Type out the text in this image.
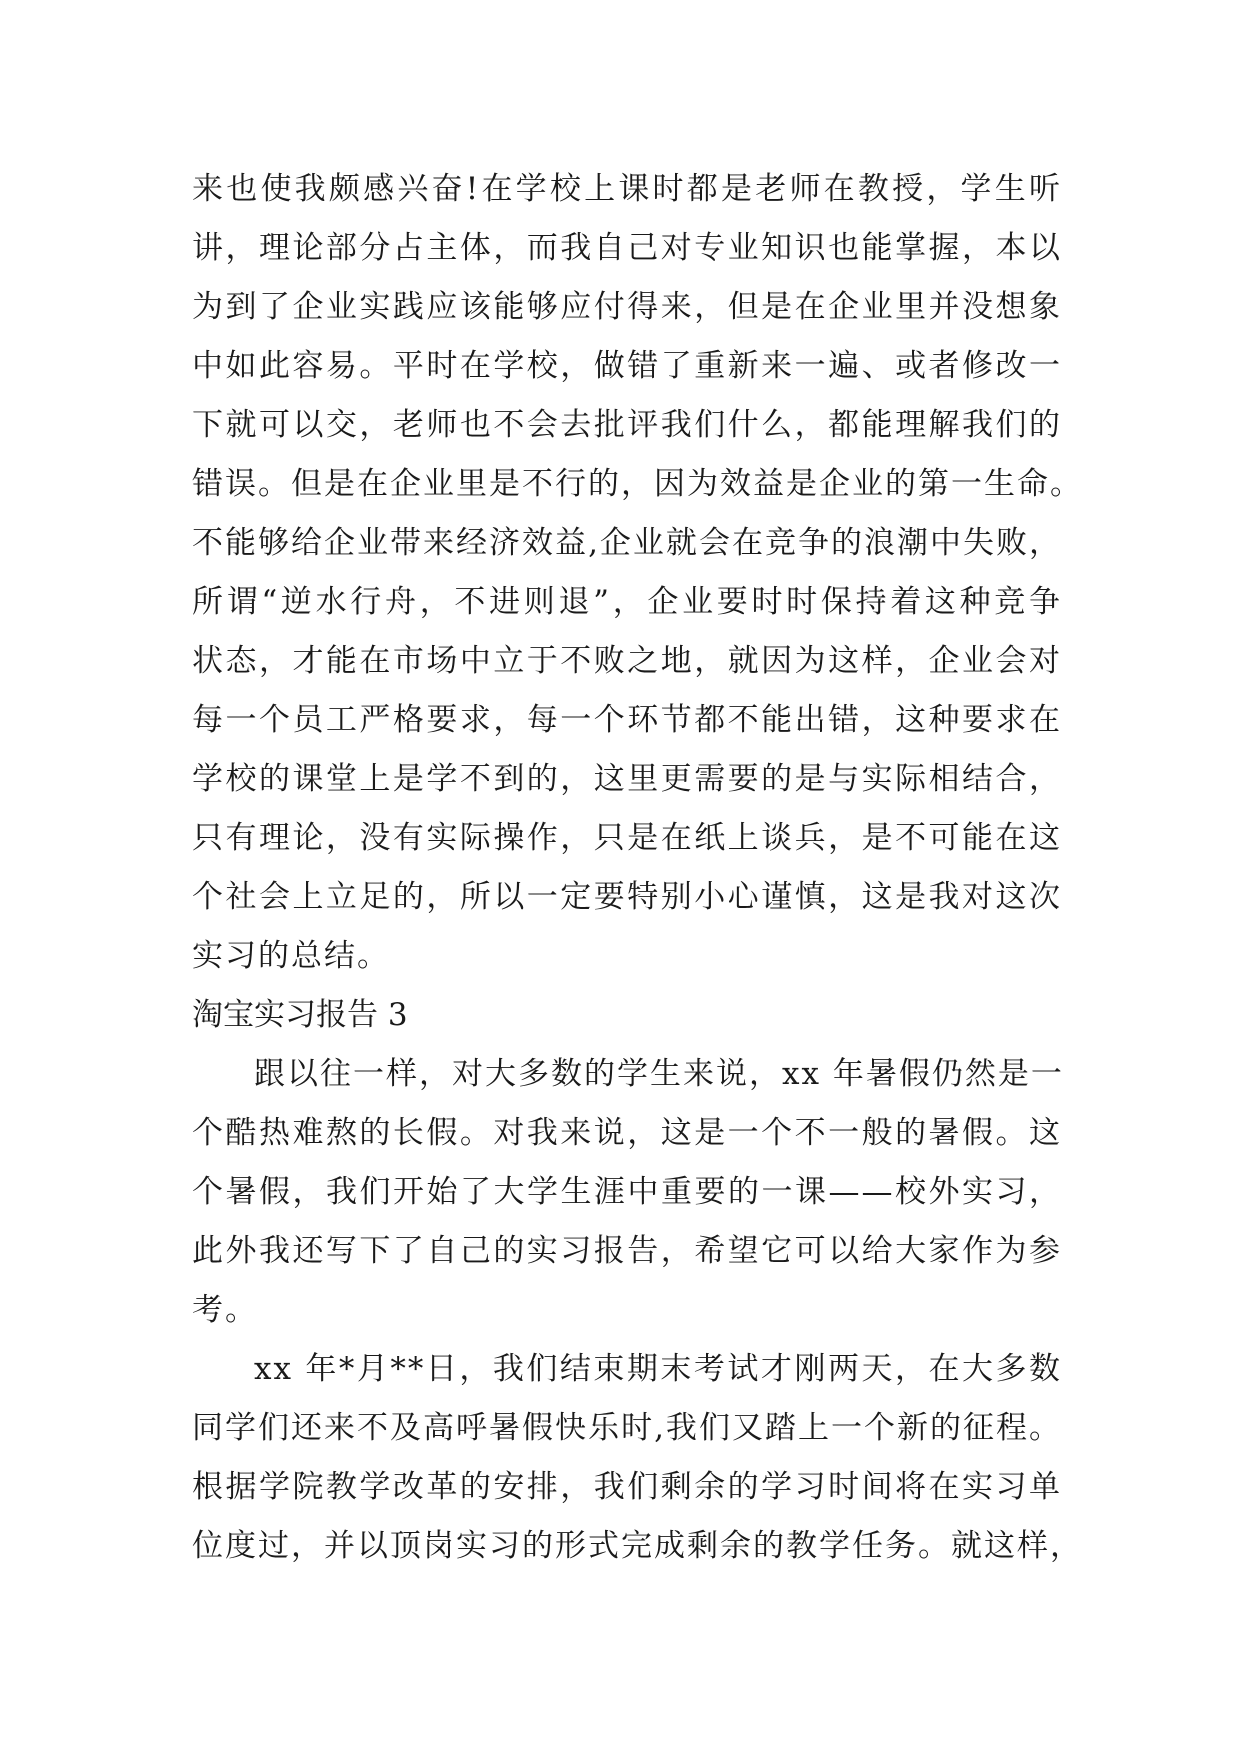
来也使我颇感兴奋!在学校上课时都是老师在教授，学生听
讲，理论部分占主体，而我自己对专业知识也能掌握，本以
为到了企业实践应该能够应付得来，但是在企业里并没想象
中如此容易。平时在学校，做错了重新来一遍、或者修改一
下就可以交，老师也不会去批评我们什么，都能理解我们的
错误。但是在企业里是不行的，因为效益是企业的第一生命。
不能够给企业带来经济效益,企业就会在竞争的浪潮中失败，
所谓“逆水行舟，不进则退”，企业要时时保持着这种竞争
状态，才能在市场中立于不败之地，就因为这样，企业会对
每一个员工严格要求，每一个环节都不能出错，这种要求在
学校的课堂上是学不到的，这里更需要的是与实际相结合，
只有理论，没有实际操作，只是在纸上谈兵，是不可能在这
个社会上立足的，所以一定要特别小心谨慎，这是我对这次
实习的总结。
淘宝实习报告 3
跟以往一样，对大多数的学生来说，xx 年暑假仍然是一
个酷热难熬的长假。对我来说，这是一个不一般的暑假。这
个暑假，我们开始了大学生涯中重要的一课——校外实习，
此外我还写下了自己的实习报告，希望它可以给大家作为参
考。
xx 年*月**日，我们结束期末考试才刚两天，在大多数
同学们还来不及高呼暑假快乐时,我们又踏上一个新的征程。
根据学院教学改革的安排，我们剩余的学习时间将在实习单
位度过，并以顶岗实习的形式完成剩余的教学任务。就这样，
